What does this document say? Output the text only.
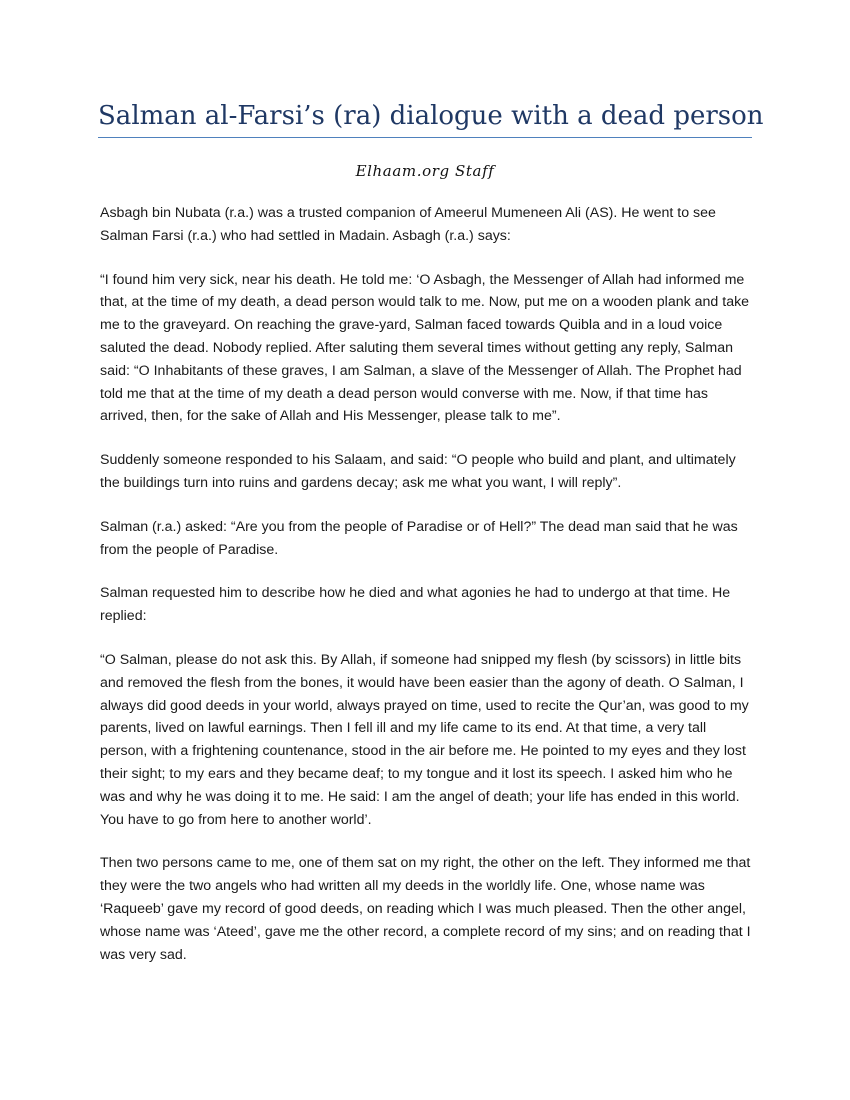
Salman al-Farsi’s (ra) dialogue with a dead person
Elhaam.org Staff

Asbagh bin Nubata (r.a.) was a trusted companion of Ameerul Mumeneen Ali (AS). He went to see Salman Farsi (r.a.) who had settled in Madain. Asbagh (r.a.) says:

“I found him very sick, near his death. He told me: ‘O Asbagh, the Messenger of Allah had informed me that, at the time of my death, a dead person would talk to me. Now, put me on a wooden plank and take me to the graveyard. On reaching the grave-yard, Salman faced towards Quibla and in a loud voice saluted the dead. Nobody replied. After saluting them several times without getting any reply, Salman said: “O Inhabitants of these graves, I am Salman, a slave of the Messenger of Allah. The Prophet had told me that at the time of my death a dead person would converse with me. Now, if that time has arrived, then, for the sake of Allah and His Messenger, please talk to me”.

Suddenly someone responded to his Salaam, and said: “O people who build and plant, and ultimately the buildings turn into ruins and gardens decay; ask me what you want, I will reply”.

Salman (r.a.) asked: “Are you from the people of Paradise or of Hell?” The dead man said that he was from the people of Paradise.

Salman requested him to describe how he died and what agonies he had to undergo at that time. He replied:

“O Salman, please do not ask this. By Allah, if someone had snipped my flesh (by scissors) in little bits and removed the flesh from the bones, it would have been easier than the agony of death. O Salman, I always did good deeds in your world, always prayed on time, used to recite the Qur’an, was good to my parents, lived on lawful earnings. Then I fell ill and my life came to its end. At that time, a very tall person, with a frightening countenance, stood in the air before me. He pointed to my eyes and they lost their sight; to my ears and they became deaf; to my tongue and it lost its speech. I asked him who he was and why he was doing it to me. He said: I am the angel of death; your life has ended in this world. You have to go from here to another world’.

Then two persons came to me, one of them sat on my right, the other on the left. They informed me that they were the two angels who had written all my deeds in the worldly life. One, whose name was ‘Raqueeb’ gave my record of good deeds, on reading which I was much pleased. Then the other angel, whose name was ‘Ateed’, gave me the other record, a complete record of my sins; and on reading that I was very sad.
